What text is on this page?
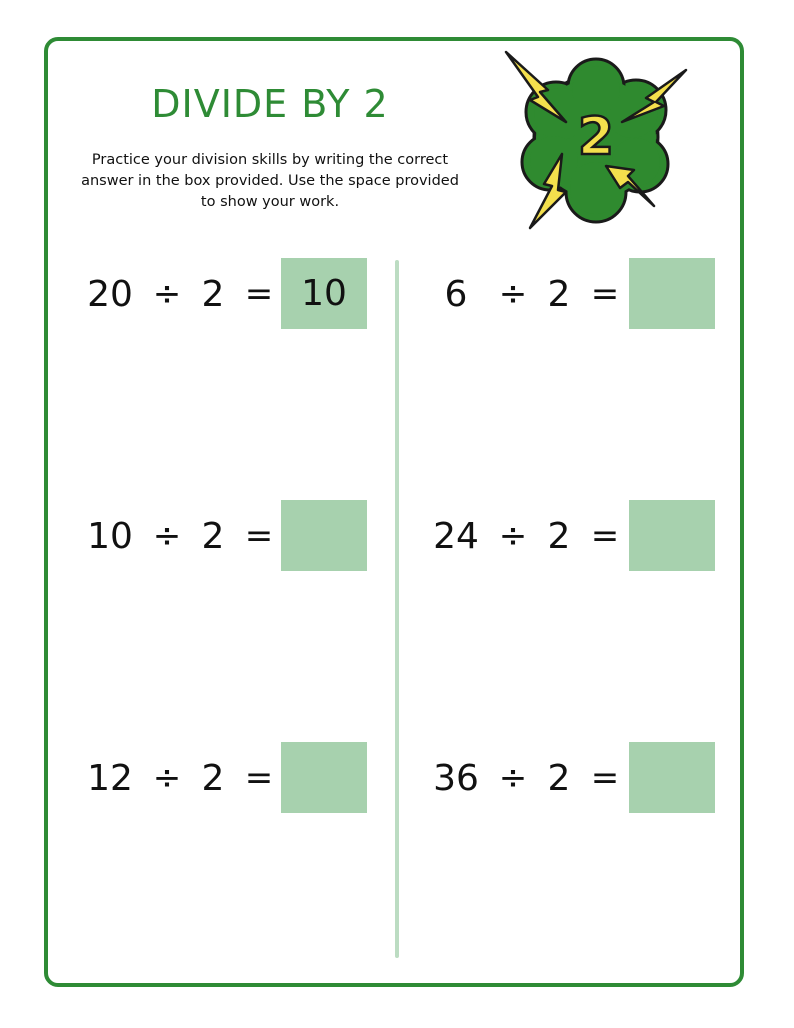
DIVIDE BY 2
Practice your division skills by writing the correct answer in the box provided. Use the space provided to show your work.
2
20 ÷ 2 = 10	6 ÷ 2 =
10 ÷ 2 =	24 ÷ 2 =
12 ÷ 2 =	36 ÷ 2 =
